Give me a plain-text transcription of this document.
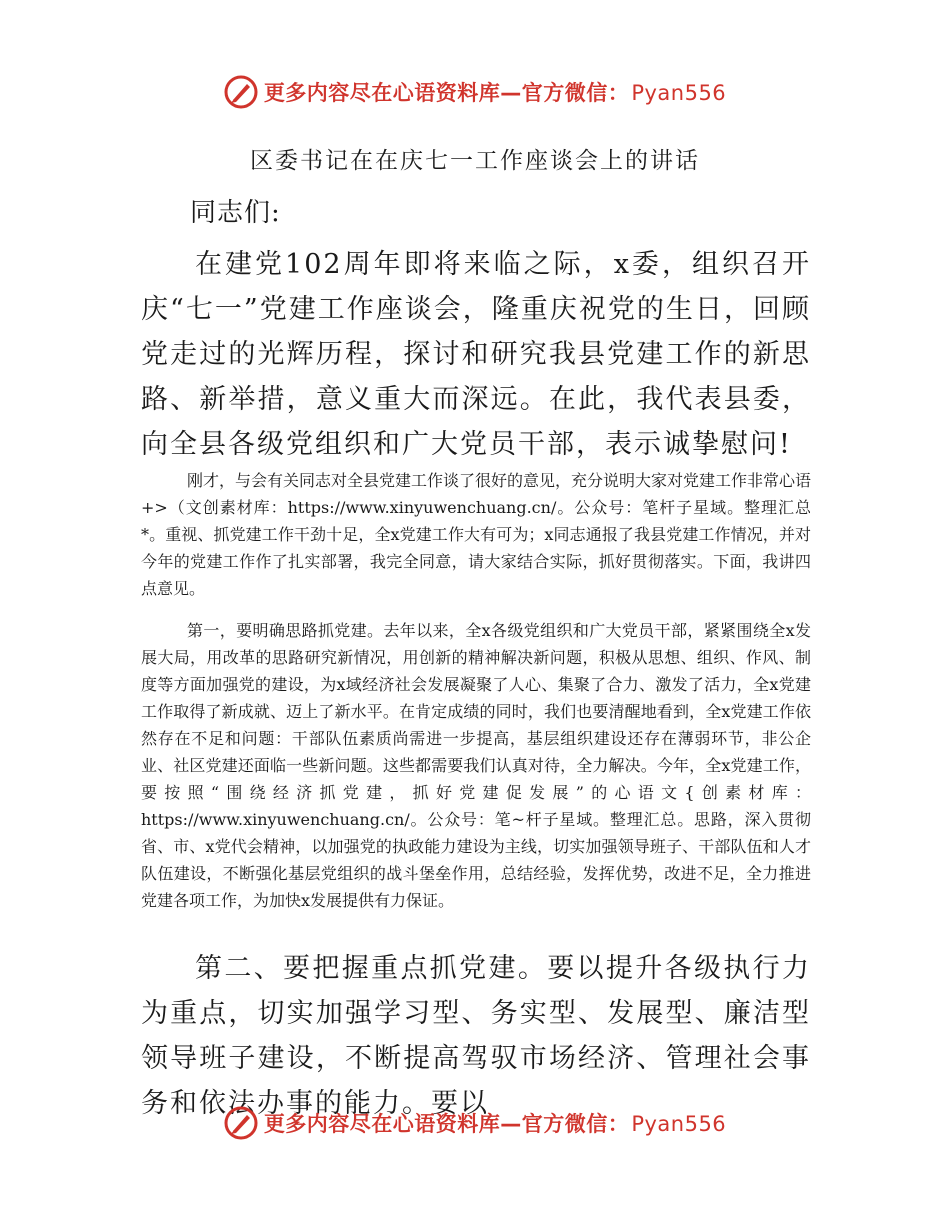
更多内容尽在心语资料库—官方微信：Pyan556
区委书记在在庆七一工作座谈会上的讲话

同志们:

在建党102周年即将来临之际，x委，组织召开庆“七一”党建工作座谈会，隆重庆祝党的生日，回顾党走过的光辉历程，探讨和研究我县党建工作的新思路、新举措，意义重大而深远。在此，我代表县委，向全县各级党组织和广大党员干部，表示诚挚慰问!

刚才，与会有关同志对全县党建工作谈了很好的意见，充分说明大家对党建工作非常心语+>（文创素材库：https://www.xinyuwenchuang.cn/。公众号：笔杆子星域。整理汇总*。重视、抓党建工作干劲十足，全x党建工作大有可为；x同志通报了我县党建工作情况，并对今年的党建工作作了扎实部署，我完全同意，请大家结合实际，抓好贯彻落实。下面，我讲四点意见。

第一，要明确思路抓党建。去年以来，全x各级党组织和广大党员干部，紧紧围绕全x发展大局，用改革的思路研究新情况，用创新的精神解决新问题，积极从思想、组织、作风、制度等方面加强党的建设，为x域经济社会发展凝聚了人心、集聚了合力、激发了活力，全x党建工作取得了新成就、迈上了新水平。在肯定成绩的同时，我们也要清醒地看到，全x党建工作依然存在不足和问题：干部队伍素质尚需进一步提高，基层组织建设还存在薄弱环节，非公企业、社区党建还面临一些新问题。这些都需要我们认真对待，全力解决。今年，全x党建工作，要按照“围绕经济抓党建，抓好党建促发展”的心语文{创素材库：https://www.xinyuwenchuang.cn/。公众号：笔~杆子星域。整理汇总。思路，深入贯彻省、市、x党代会精神，以加强党的执政能力建设为主线，切实加强领导班子、干部队伍和人才队伍建设，不断强化基层党组织的战斗堡垒作用，总结经验，发挥优势，改进不足，全力推进党建各项工作，为加快x发展提供有力保证。

第二、要把握重点抓党建。要以提升各级执行力为重点，切实加强学习型、务实型、发展型、廉洁型领导班子建设，不断提高驾驭市场经济、管理社会事务和依法办事的能力。要以

更多内容尽在心语资料库—官方微信：Pyan556
